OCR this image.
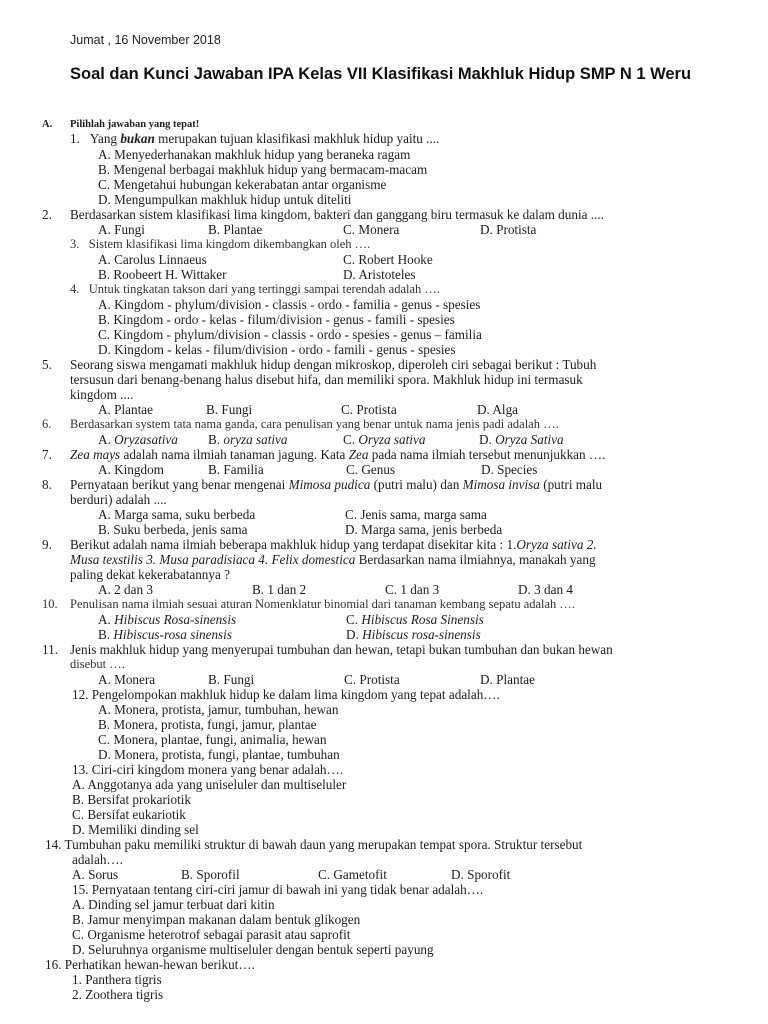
Jumat , 16 November 2018
Soal dan Kunci Jawaban IPA Kelas VII Klasifikasi Makhluk Hidup SMP N 1 Weru
A. Pilihlah jawaban yang tepat!
1. Yang bukan merupakan tujuan klasifikasi makhluk hidup yaitu ....
A. Menyederhanakan makhluk hidup yang beraneka ragam
B. Mengenal berbagai makhluk hidup yang bermacam-macam
C. Mengetahui hubungan kekerabatan antar organisme
D. Mengumpulkan makhluk hidup untuk diteliti
2. Berdasarkan sistem klasifikasi lima kingdom, bakteri dan ganggang biru termasuk ke dalam dunia ....
A. Fungi	B. Plantae	C. Monera	D. Protista
3. Sistem klasifikasi lima kingdom dikembangkan oleh ….
A. Carolus Linnaeus	C. Robert Hooke
B. Roobeert H. Wittaker	D. Aristoteles
4. Untuk tingkatan takson dari yang tertinggi sampai terendah adalah ….
A. Kingdom - phylum/division - classis - ordo - familia - genus - spesies
B. Kingdom - ordo - kelas - filum/division - genus - famili - spesies
C. Kingdom - phylum/division - classis - ordo - spesies - genus – familia
D. Kingdom - kelas - filum/division - ordo - famili - genus - spesies
5. Seorang siswa mengamati makhluk hidup dengan mikroskop, diperoleh ciri sebagai berikut : Tubuh
tersusun dari benang-benang halus disebut hifa, dan memiliki spora. Makhluk hidup ini termasuk
kingdom ....
A. Plantae	B. Fungi	C. Protista	D. Alga
6. Berdasarkan system tata nama ganda, cara penulisan yang benar untuk nama jenis padi adalah ….
A. Oryzasativa B. oryza sativa	C. Oryza sativa	D. Oryza Sativa
7. Zea mays adalah nama ilmiah tanaman jagung. Kata Zea pada nama ilmiah tersebut menunjukkan ….
A. Kingdom	B. Familia	C. Genus	D. Species
8. Pernyataan berikut yang benar mengenai Mimosa pudica (putri malu) dan Mimosa invisa (putri malu
berduri) adalah ....
A. Marga sama, suku berbeda	C. Jenis sama, marga sama
B. Suku berbeda, jenis sama	D. Marga sama, jenis berbeda
9. Berikut adalah nama ilmiah beberapa makhluk hidup yang terdapat disekitar kita : 1.Oryza sativa 2.
Musa texstilis 3. Musa paradisiaca 4. Felix domestica Berdasarkan nama ilmiahnya, manakah yang
paling dekat kekerabatannya ?
A. 2 dan 3	B. 1 dan 2	C. 1 dan 3	D. 3 dan 4
10. Penulisan nama ilmiah sesuai aturan Nomenklatur binomial dari tanaman kembang sepatu adalah ….
A. Hibiscus Rosa-sinensis	C. Hibiscus Rosa Sinensis
B. Hibiscus-rosa sinensis	D. Hibiscus rosa-sinensis
11. Jenis makhluk hidup yang menyerupai tumbuhan dan hewan, tetapi bukan tumbuhan dan bukan hewan
disebut ….
A. Monera	B. Fungi	C. Protista	D. Plantae
12. Pengelompokan makhluk hidup ke dalam lima kingdom yang tepat adalah….
A. Monera, protista, jamur, tumbuhan, hewan
B. Monera, protista, fungi, jamur, plantae
C. Monera, plantae, fungi, animalia, hewan
D. Monera, protista, fungi, plantae, tumbuhan
13. Ciri-ciri kingdom monera yang benar adalah….
A. Anggotanya ada yang uniseluler dan multiseluler
B. Bersifat prokariotik
C. Bersifat eukariotik
D. Memiliki dinding sel
14. Tumbuhan paku memiliki struktur di bawah daun yang merupakan tempat spora. Struktur tersebut
adalah….
A. Sorus	B. Sporofil	C. Gametofit	D. Sporofit
15. Pernyataan tentang ciri-ciri jamur di bawah ini yang tidak benar adalah….
A. Dinding sel jamur terbuat dari kitin
B. Jamur menyimpan makanan dalam bentuk glikogen
C. Organisme heterotrof sebagai parasit atau saprofit
D. Seluruhnya organisme multiseluler dengan bentuk seperti payung
16. Perhatikan hewan-hewan berikut….
1. Panthera tigris
2. Zoothera tigris
